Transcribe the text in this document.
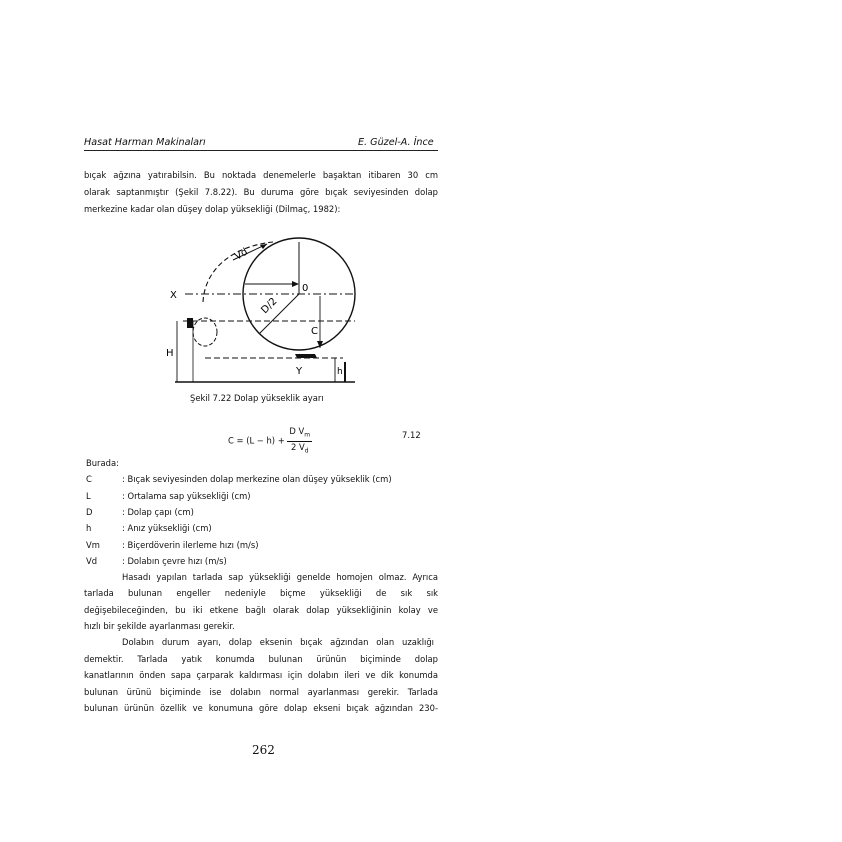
Hasat Harman Makinaları	E. Güzel-A. İnce
bıçak ağzına yatırabilsin. Bu noktada denemelerle başaktan itibaren 30 cm
olarak saptanmıştır (Şekil 7.8.22). Bu duruma göre bıçak seviyesinden dolap
merkezine kadar olan düşey dolap yüksekliği (Dilmaç, 1982):
Vd
0
X
D/2
C
H
Y	h
Şekil 7.22 Dolap yükseklik ayarı
$C = (L - h) + \frac{D V_m}{2 V_d}$	7.12
Burada:
C	: Bıçak seviyesinden dolap merkezine olan düşey yükseklik (cm)
L	: Ortalama sap yüksekliği (cm)
D	: Dolap çapı (cm)
h	: Anız yüksekliği (cm)
Vm	: Biçerdöverin ilerleme hızı (m/s)
Vd	: Dolabın çevre hızı (m/s)
Hasadı yapılan tarlada sap yüksekliği genelde homojen olmaz. Ayrıca
tarlada bulunan engeller nedeniyle biçme yüksekliği de sık sık
değişebileceğinden, bu iki etkene bağlı olarak dolap yüksekliğinin kolay ve
hızlı bir şekilde ayarlanması gerekir.
Dolabın durum ayarı, dolap eksenin bıçak ağzından olan uzaklığı
demektir. Tarlada yatık konumda bulunan ürünün biçiminde dolap
kanatlarının önden sapa çarparak kaldırması için dolabın ileri ve dik konumda
bulunan ürünü biçiminde ise dolabın normal ayarlanması gerekir. Tarlada
bulunan ürünün özellik ve konumuna göre dolap ekseni bıçak ağzından 230-
262
